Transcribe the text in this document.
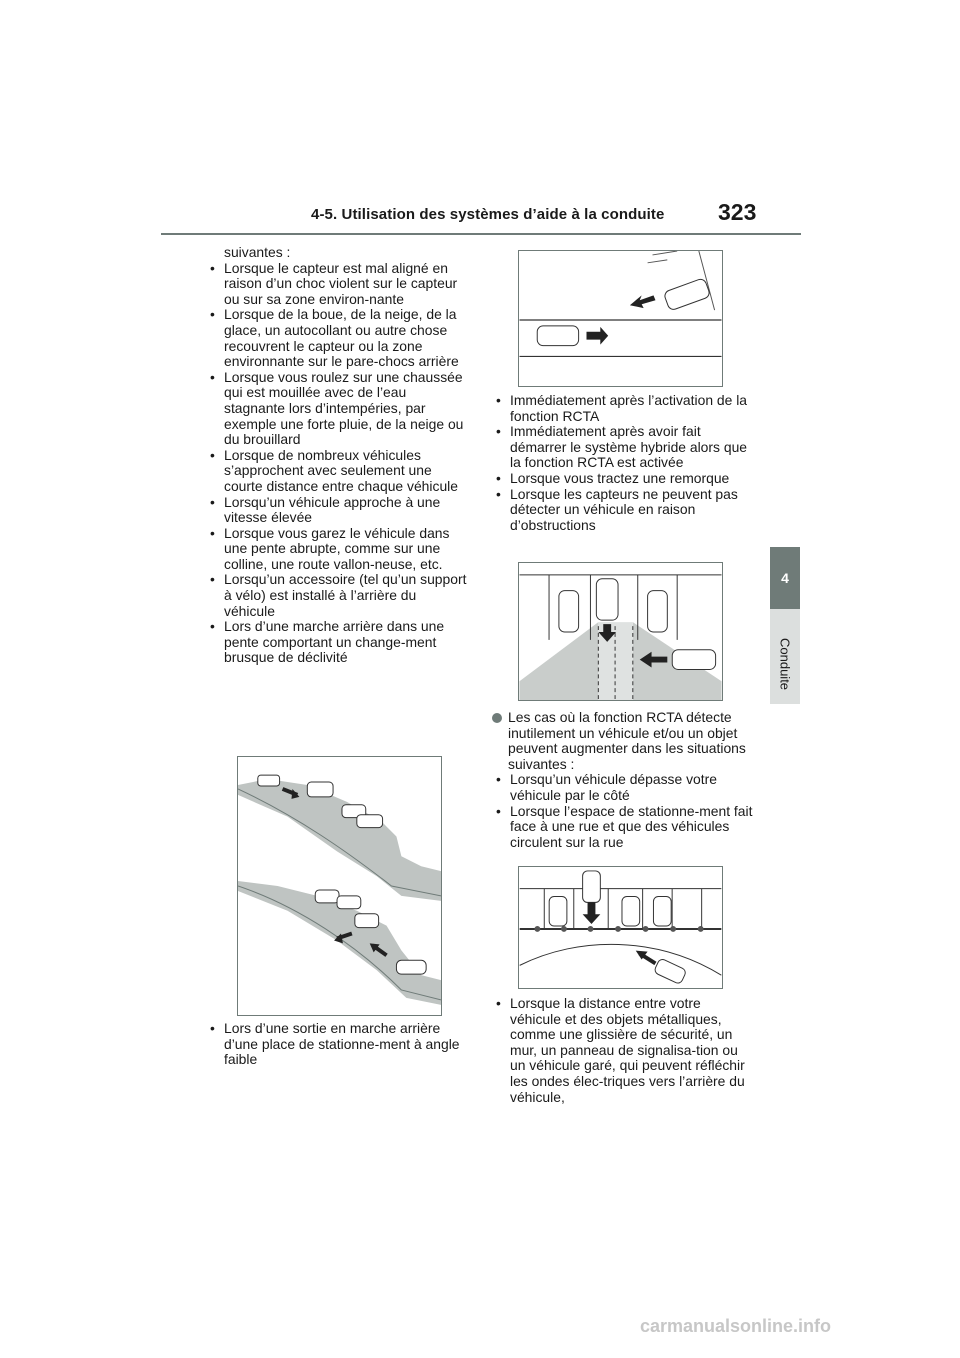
4-5. Utilisation des systèmes d’aide à la conduite 323
4
Conduite
suivantes :
• Lorsque le capteur est mal aligné en raison d’un choc violent sur le capteur ou sur sa zone environ-nante
• Lorsque de la boue, de la neige, de la glace, un autocollant ou autre chose recouvrent le capteur ou la zone environnante sur le pare-chocs arrière
• Lorsque vous roulez sur une chaussée qui est mouillée avec de l’eau stagnante lors d’intempéries, par exemple une forte pluie, de la neige ou du brouillard
• Lorsque de nombreux véhicules s’approchent avec seulement une courte distance entre chaque véhicule
• Lorsqu’un véhicule approche à une vitesse élevée
• Lorsque vous garez le véhicule dans une pente abrupte, comme sur une colline, une route vallon-neuse, etc.
• Lorsqu’un accessoire (tel qu’un support à vélo) est installé à l’arrière du véhicule
• Lors d’une marche arrière dans une pente comportant un change-ment brusque de déclivité
• Lors d’une sortie en marche arrière d’une place de stationne-ment à angle faible
• Immédiatement après l’activation de la fonction RCTA
• Immédiatement après avoir fait démarrer le système hybride alors que la fonction RCTA est activée
• Lorsque vous tractez une remorque
• Lorsque les capteurs ne peuvent pas détecter un véhicule en raison d’obstructions
Les cas où la fonction RCTA détecte inutilement un véhicule et/ou un objet peuvent augmenter dans les situations suivantes :
• Lorsqu’un véhicule dépasse votre véhicule par le côté
• Lorsque l’espace de stationne-ment fait face à une rue et que des véhicules circulent sur la rue
• Lorsque la distance entre votre véhicule et des objets métalliques, comme une glissière de sécurité, un mur, un panneau de signalisa-tion ou un véhicule garé, qui peuvent réfléchir les ondes élec-triques vers l’arrière du véhicule,
carmanualsonline.info
